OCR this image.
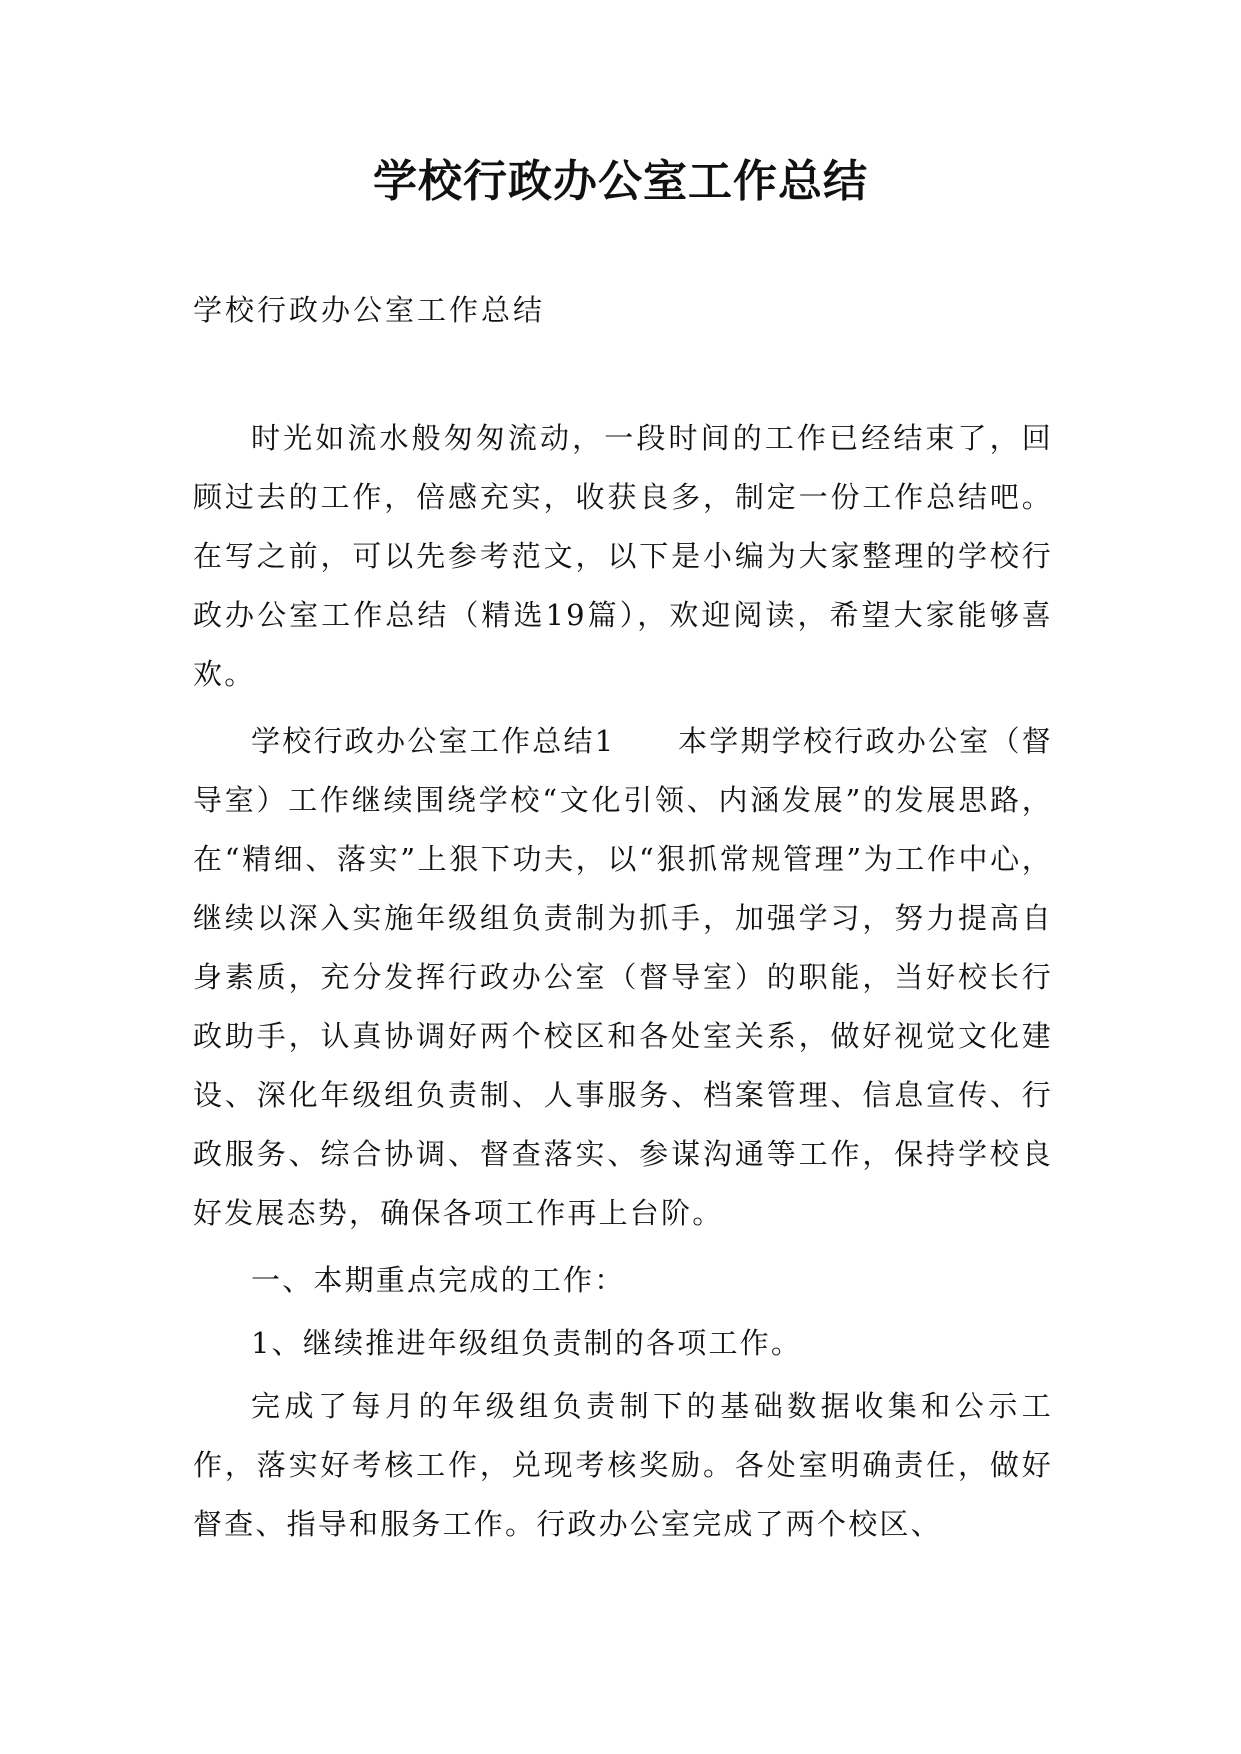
学校行政办公室工作总结

学校行政办公室工作总结

时光如流水般匆匆流动，一段时间的工作已经结束了，回顾过去的工作，倍感充实，收获良多，制定一份工作总结吧。在写之前，可以先参考范文，以下是小编为大家整理的学校行政办公室工作总结（精选19篇），欢迎阅读，希望大家能够喜欢。

学校行政办公室工作总结1　　本学期学校行政办公室（督导室）工作继续围绕学校“文化引领、内涵发展”的发展思路，在“精细、落实”上狠下功夫，以“狠抓常规管理”为工作中心，继续以深入实施年级组负责制为抓手，加强学习，努力提高自身素质，充分发挥行政办公室（督导室）的职能，当好校长行政助手，认真协调好两个校区和各处室关系，做好视觉文化建设、深化年级组负责制、人事服务、档案管理、信息宣传、行政服务、综合协调、督查落实、参谋沟通等工作，保持学校良好发展态势，确保各项工作再上台阶。

一、本期重点完成的工作：

1、继续推进年级组负责制的各项工作。

完成了每月的年级组负责制下的基础数据收集和公示工作，落实好考核工作，兑现考核奖励。各处室明确责任，做好督查、指导和服务工作。行政办公室完成了两个校区、
